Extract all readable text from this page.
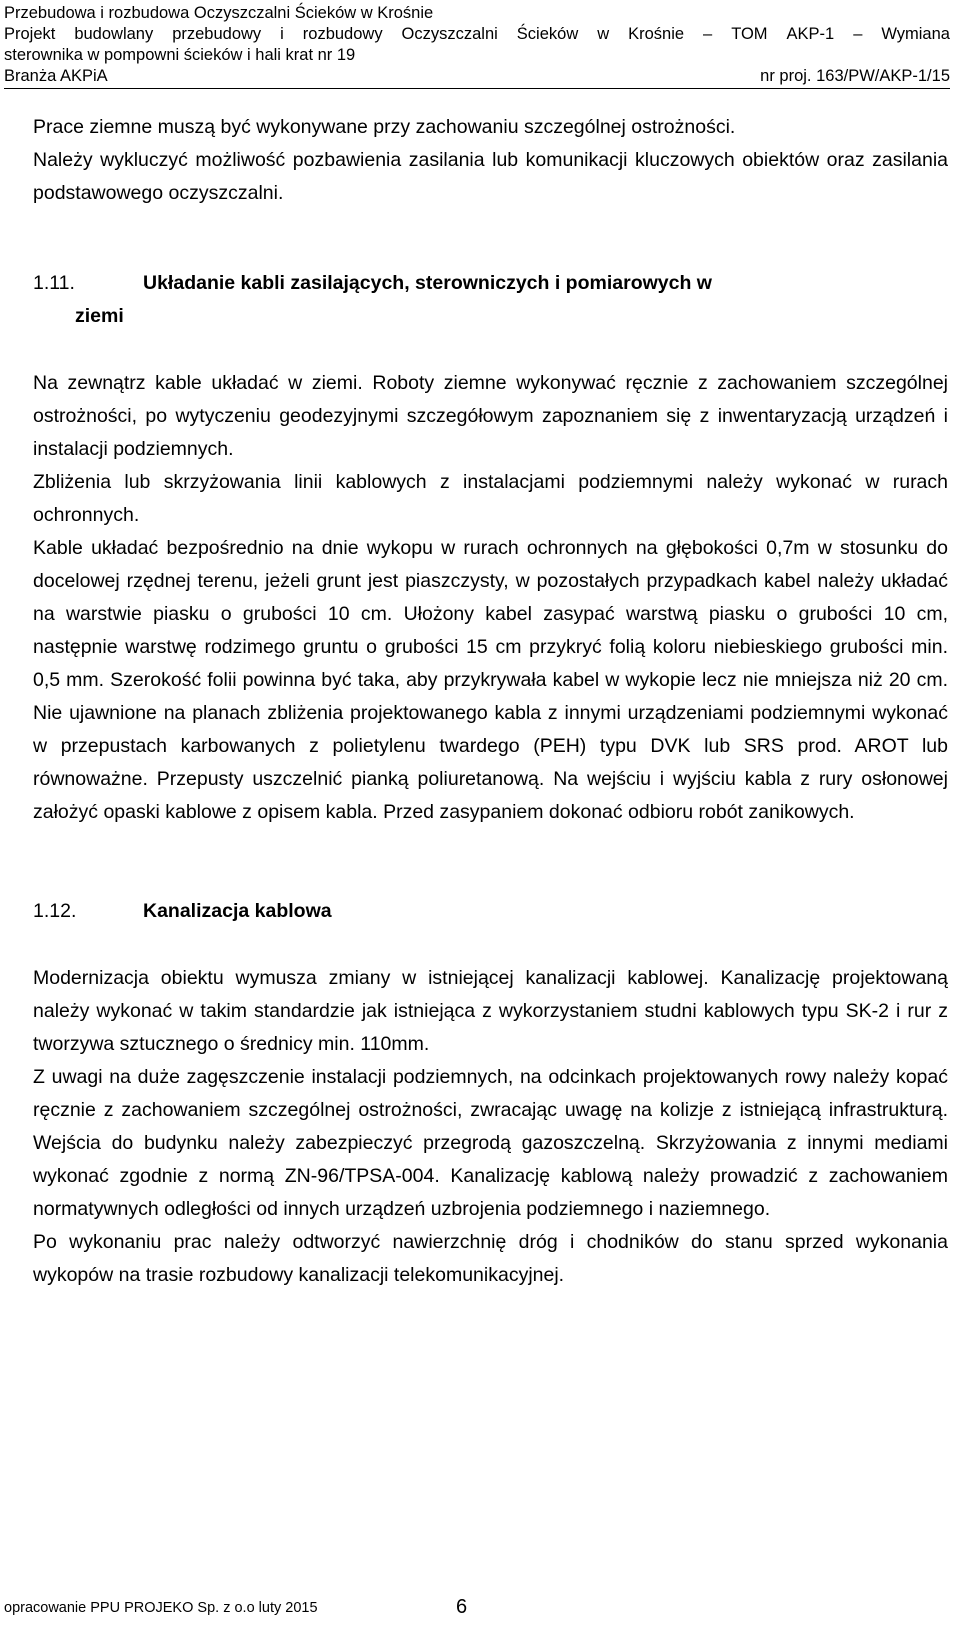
Przebudowa i rozbudowa Oczyszczalni Ścieków w Krośnie
Projekt budowlany przebudowy i rozbudowy Oczyszczalni Ścieków w Krośnie – TOM AKP-1 – Wymiana
sterownika w pompowni ścieków i hali krat nr 19
Branża AKPiA	nr proj. 163/PW/AKP-1/15

Prace ziemne muszą być wykonywane przy zachowaniu szczególnej ostrożności.

Należy wykluczyć możliwość pozbawienia zasilania lub komunikacji kluczowych obiektów oraz zasilania podstawowego oczyszczalni.

1.11.	Układanie kabli zasilających, sterowniczych i pomiarowych w

ziemi

Na zewnątrz kable układać w ziemi. Roboty ziemne wykonywać ręcznie z zachowaniem szczególnej ostrożności, po wytyczeniu geodezyjnymi szczegółowym zapoznaniem się z inwentaryzacją urządzeń i instalacji podziemnych.

Zbliżenia lub skrzyżowania linii kablowych z instalacjami podziemnymi należy wykonać w rurach ochronnych.

Kable układać bezpośrednio na dnie wykopu w rurach ochronnych na głębokości 0,7m w stosunku do docelowej rzędnej terenu, jeżeli grunt jest piaszczysty, w pozostałych przypadkach kabel należy układać na warstwie piasku o grubości 10 cm. Ułożony kabel zasypać warstwą piasku o grubości 10 cm, następnie warstwę rodzimego gruntu o grubości 15 cm przykryć folią koloru niebieskiego grubości min. 0,5 mm. Szerokość folii powinna być taka, aby przykrywała kabel w wykopie lecz nie mniejsza niż 20 cm. Nie ujawnione na planach zbliżenia projektowanego kabla z innymi urządzeniami podziemnymi wykonać w przepustach karbowanych z polietylenu twardego (PEH) typu DVK lub SRS prod. AROT lub równoważne. Przepusty uszczelnić pianką poliuretanową. Na wejściu i wyjściu kabla z rury osłonowej założyć opaski kablowe z opisem kabla. Przed zasypaniem dokonać odbioru robót zanikowych.

1.12.	Kanalizacja kablowa

Modernizacja obiektu wymusza zmiany w istniejącej kanalizacji kablowej. Kanalizację projektowaną należy wykonać w takim standardzie jak istniejąca z wykorzystaniem studni kablowych typu SK-2 i rur z tworzywa sztucznego o średnicy min. 110mm.

Z uwagi na duże zagęszczenie instalacji podziemnych, na odcinkach projektowanych rowy należy kopać ręcznie z zachowaniem szczególnej ostrożności, zwracając uwagę na kolizje z istniejącą infrastrukturą. Wejścia do budynku należy zabezpieczyć przegrodą gazoszczelną. Skrzyżowania z innymi mediami wykonać zgodnie z normą ZN-96/TPSA-004. Kanalizację kablową należy prowadzić z zachowaniem normatywnych odległości od innych urządzeń uzbrojenia podziemnego i naziemnego.

Po wykonaniu prac należy odtworzyć nawierzchnię dróg i chodników do stanu sprzed wykonania wykopów na trasie rozbudowy kanalizacji telekomunikacyjnej.

opracowanie PPU PROJEKO Sp. z o.o luty 2015	6
